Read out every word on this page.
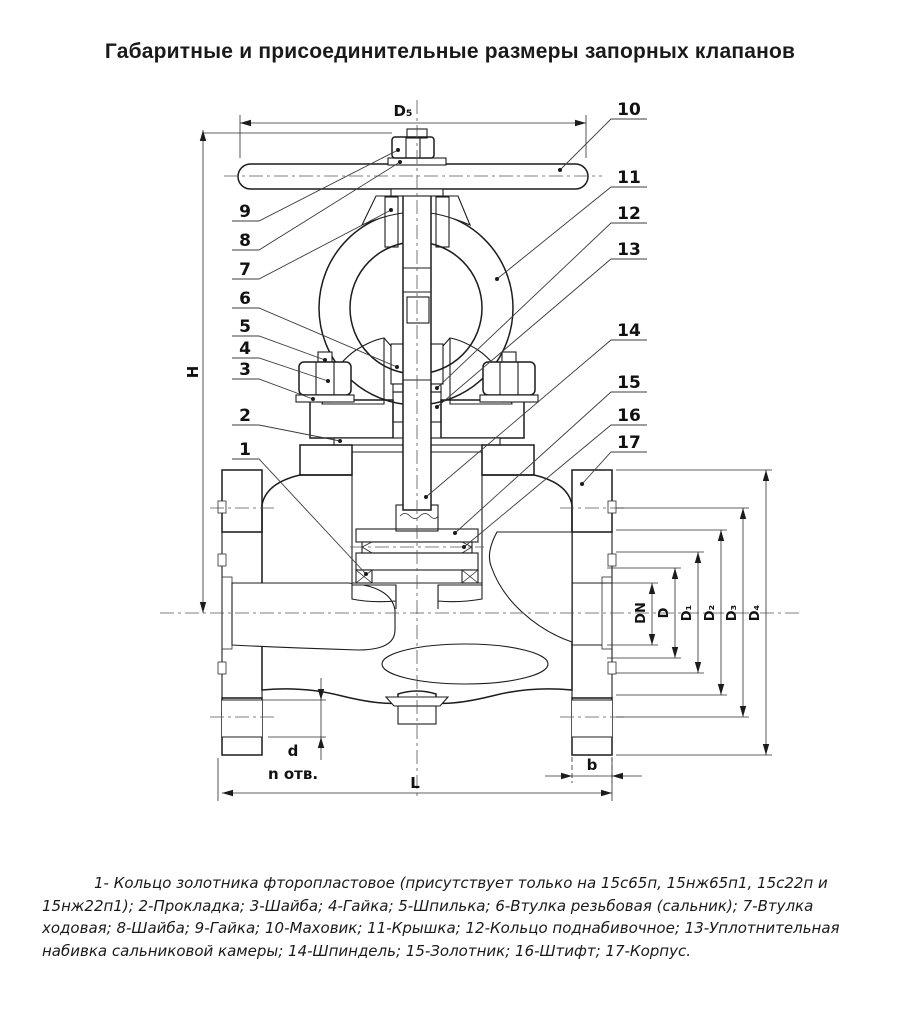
D₅
H
DN D D₁ D₂ D₃ D₄
d
n отв.	L
b
9
8
7
6
5
4
3
2
1
10
11
12
13
14
15
16
17
Габаритные и присоединительные размеры запорных клапанов
1- Кольцо золотника фторопластовое (присутствует только на 15с65п, 15нж65п1, 15с22п и 15нж22п1); 2-Прокладка; 3-Шайба; 4-Гайка; 5-Шпилька; 6-Втулка резьбовая (сальник); 7-Втулка ходовая; 8-Шайба; 9-Гайка; 10-Маховик; 11-Крышка; 12-Кольцо поднабивочное; 13-Уплотнительная набивка сальниковой камеры; 14-Шпиндель; 15-Золотник; 16-Штифт; 17-Корпус.
